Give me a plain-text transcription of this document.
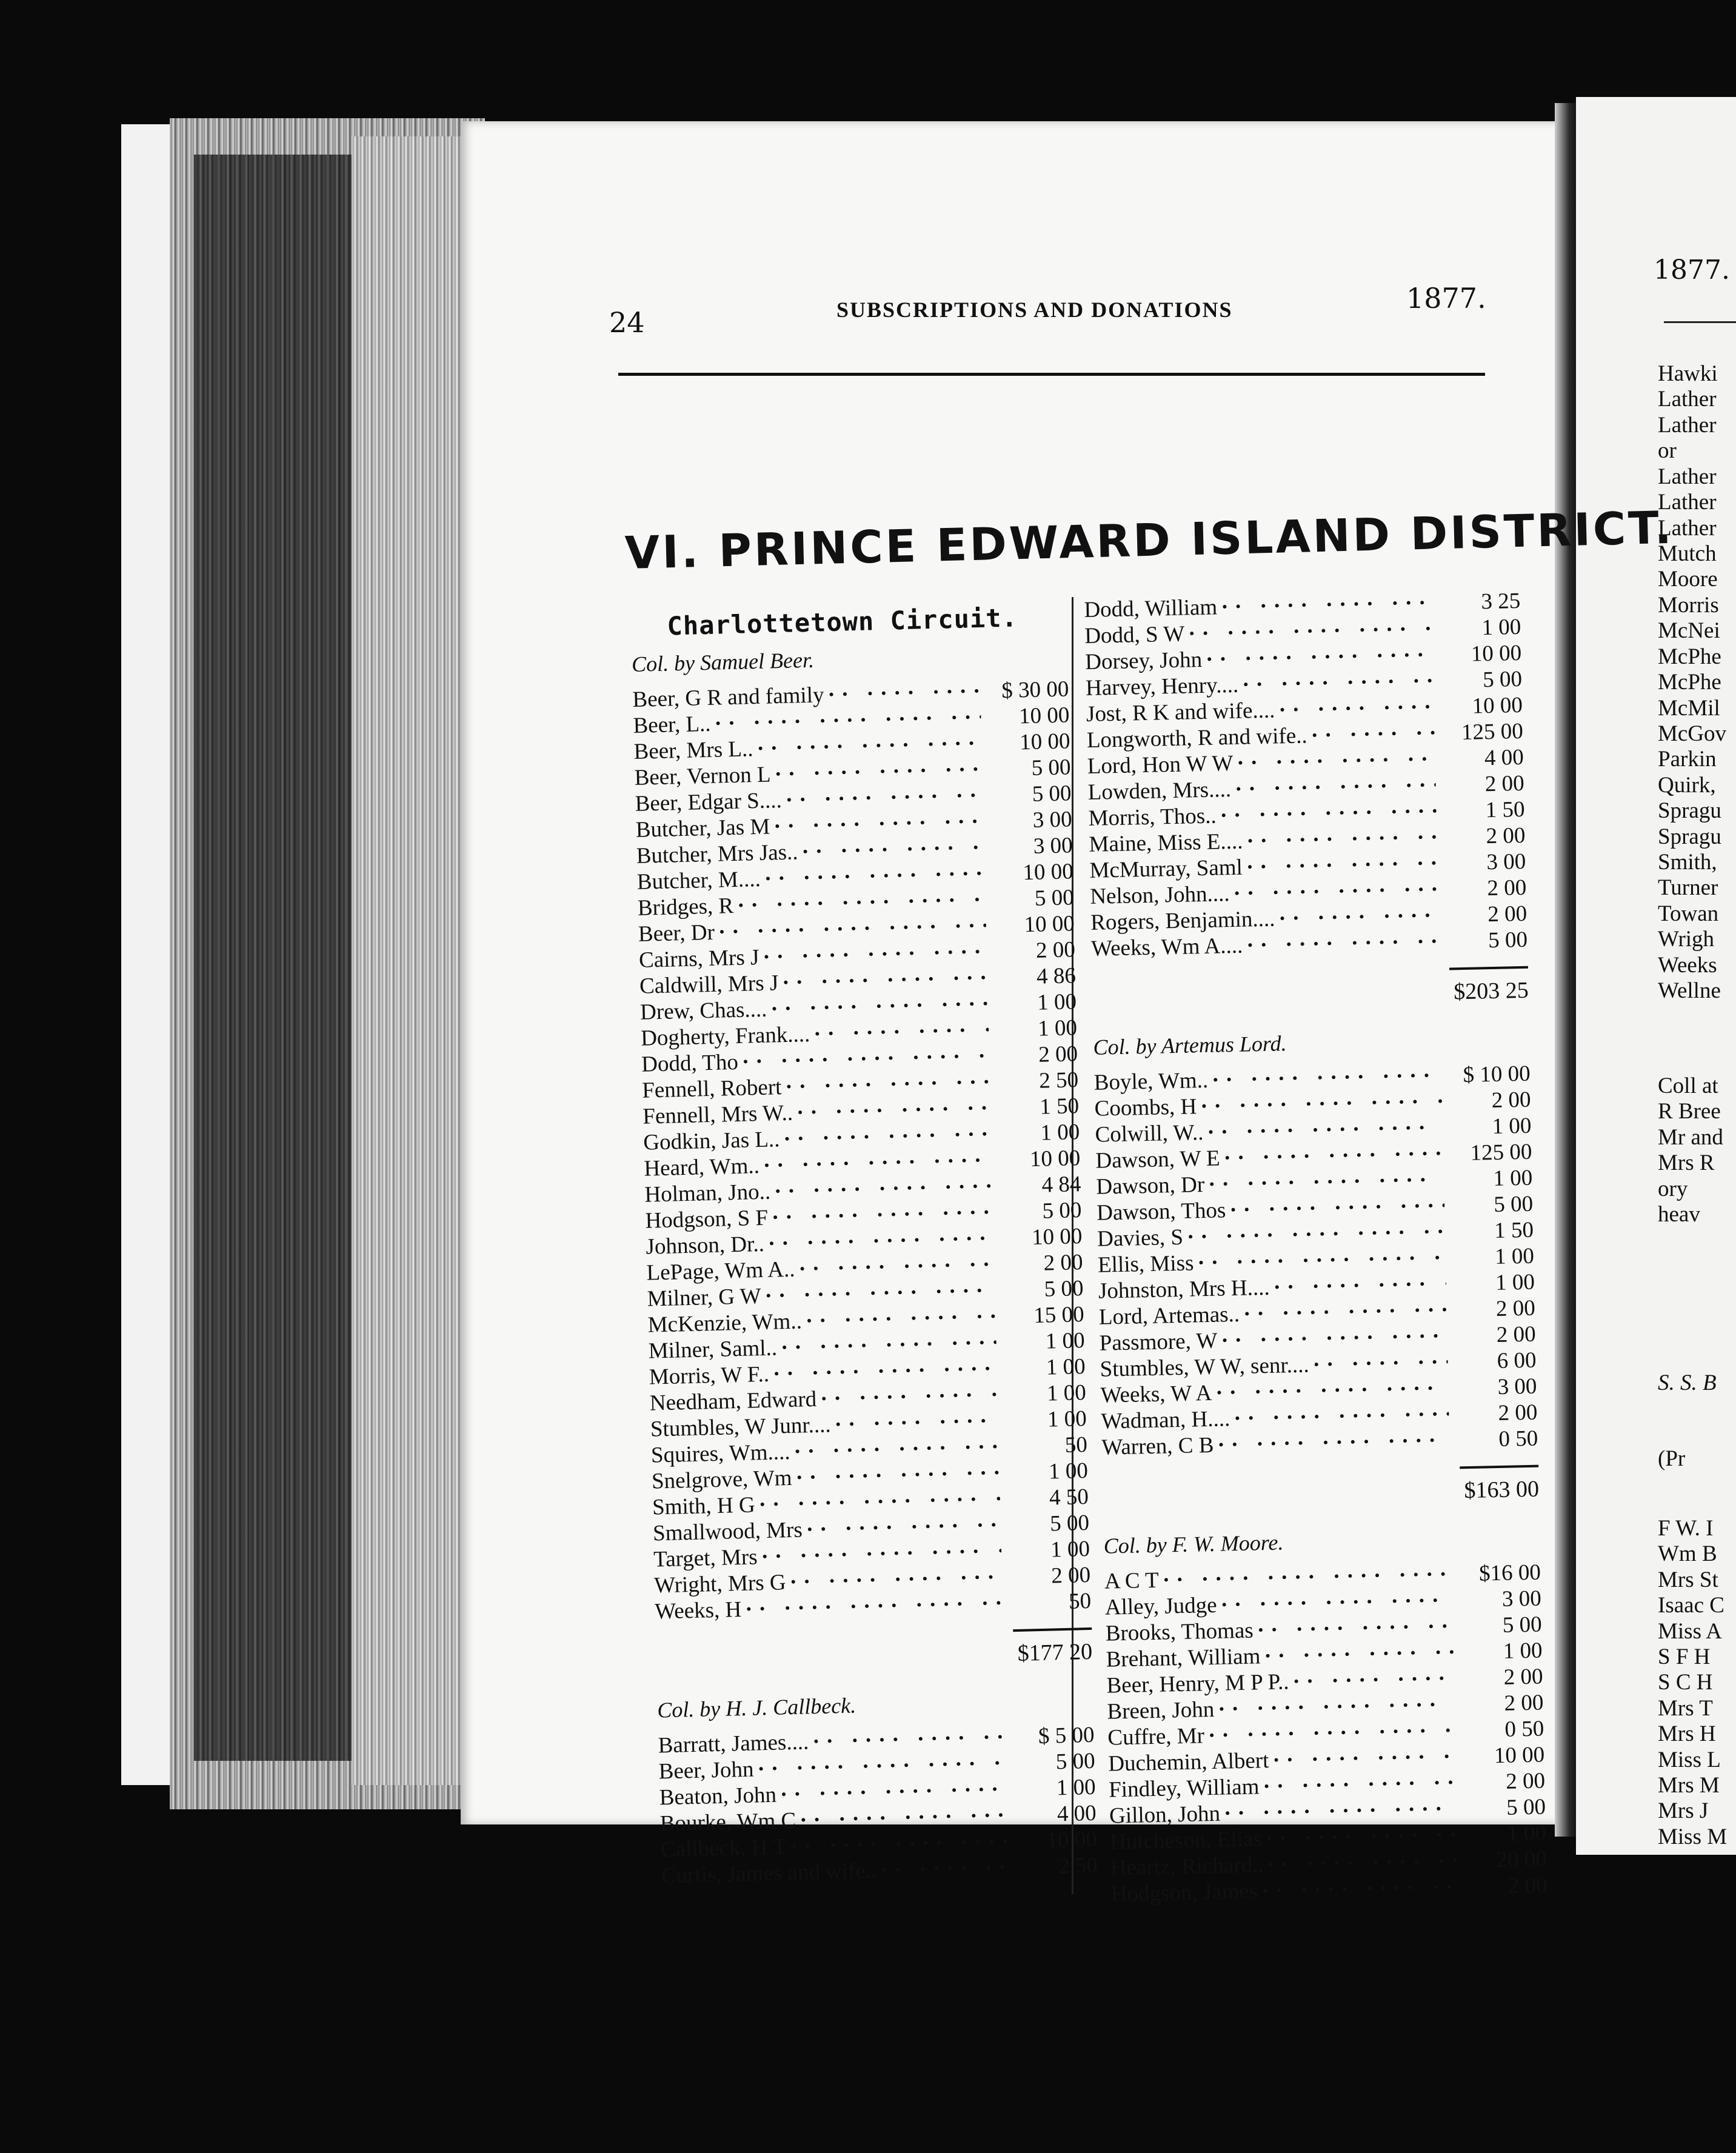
24	SUBSCRIPTIONS AND DONATIONS	1877.
VI. PRINCE EDWARD ISLAND DISTRICT.
Charlottetown Circuit.
Col. by Samuel Beer.
Beer, G R and family ·· ··	$ 30 00
Beer, L.. ·· ··	10 00
Beer, Mrs L.. ·· ··	10 00
Beer, Vernon L ·· ··	5 00
Beer, Edgar S.... ·· ··	5 00
Butcher, Jas M ·· ··	3 00
Butcher, Mrs Jas.. ·· ··	3 00
Butcher, M.... ·· ··	10 00
Bridges, R ·· ··	5 00
Beer, Dr ·· ··	10 00
Cairns, Mrs J ·· ··	2 00
Caldwill, Mrs J ·· ··	4 86
Drew, Chas.... ·· ··	1 00
Dogherty, Frank.... ·· ··	1 00
Dodd, Tho ·· ··	2 00
Fennell, Robert ·· ··	2 50
Fennell, Mrs W.. ·· ··	1 50
Godkin, Jas L.. ·· ··	1 00
Heard, Wm.. ·· ··	10 00
Holman, Jno.. ·· ··	4 84
Hodgson, S F ·· ··	5 00
Johnson, Dr.. ·· ··	10 00
LePage, Wm A.. ·· ··	2 00
Milner, G W ·· ··	5 00
McKenzie, Wm.. ·· ··	15 00
Milner, Saml.. ·· ··	1 00
Morris, W F.. ·· ··	1 00
Needham, Edward ·· ··	1 00
Stumbles, W Junr.... ·· ··	1 00
Squires, Wm.... ·· ··	50
Snelgrove, Wm ·· ··	1 00
Smith, H G ·· ··	4 50
Smallwood, Mrs ·· ··	5 00
Target, Mrs ·· ··	1 00
Wright, Mrs G ·· ··	2 00
Weeks, H ·· ··	50
$177 20
Col. by H. J. Callbeck.
Barratt, James.... ·· ··	$ 5 00
Beer, John ·· ··	5 00
Beaton, John ·· ··	1 00
Bourke, Wm C ·· ··	4 00
Callbeck, H T ·· ··	10 00
Curtis, James and wife.. ·· ··	2 50
Dodd, William ·· ··	3 25
Dodd, S W ·· ··	1 00
Dorsey, John ·· ··	10 00
Harvey, Henry.... ·· ··	5 00
Jost, R K and wife.... ·· ··	10 00
Longworth, R and wife.. ·· ··	125 00
Lord, Hon W W ·· ··	4 00
Lowden, Mrs.... ·· ··	2 00
Morris, Thos.. ·· ··	1 50
Maine, Miss E.... ·· ··	2 00
McMurray, Saml ·· ··	3 00
Nelson, John.... ·· ··	2 00
Rogers, Benjamin.... ·· ··	2 00
Weeks, Wm A.... ·· ··	5 00
$203 25
Col. by Artemus Lord.
Boyle, Wm.. ·· ··	$ 10 00
Coombs, H ·· ··	2 00
Colwill, W.. ·· ··	1 00
Dawson, W E ·· ··	125 00
Dawson, Dr ·· ··	1 00
Dawson, Thos ·· ··	5 00
Davies, S ·· ··	1 50
Ellis, Miss ·· ··	1 00
Johnston, Mrs H.... ·· ··	1 00
Lord, Artemas.. ·· ··	2 00
Passmore, W ·· ··	2 00
Stumbles, W W, senr.... ·· ··	6 00
Weeks, W A ·· ··	3 00
Wadman, H.... ·· ··	2 00
Warren, C B ·· ··	0 50
$163 00
Col. by F. W. Moore.
A C T ·· ··	$16 00
Alley, Judge ·· ··	3 00
Brooks, Thomas ·· ··	5 00
Brehant, William ·· ··	1 00
Beer, Henry, M P P.. ·· ··	2 00
Breen, John ·· ··	2 00
Cuffre, Mr ·· ··	0 50
Duchemin, Albert ·· ··	10 00
Findley, William ·· ··	2 00
Gillon, John ·· ··	5 00
Hutcheson, Elias ·· ··	1 00
Heartz, Richard.. ·· ··	20 00
Hodgson, James ·· ··	2 00
1877.
Hawki
Lather
Lather
or
Lather
Lather
Lather
Mutch
Moore
Morris
McNei
McPhe
McPhe
McMil
McGov
Parkin
Quirk,
Spragu
Spragu
Smith,
Turner
Towan
Wrigh
Weeks
Wellne
Coll at
R Bree
Mr and
Mrs R
ory
heav
S. S. B
(Pr
F W. I
Wm B
Mrs St
Isaac C
Miss A
S F H
S C H
Mrs T
Mrs H
Miss L
Mrs M
Mrs J
Miss M
